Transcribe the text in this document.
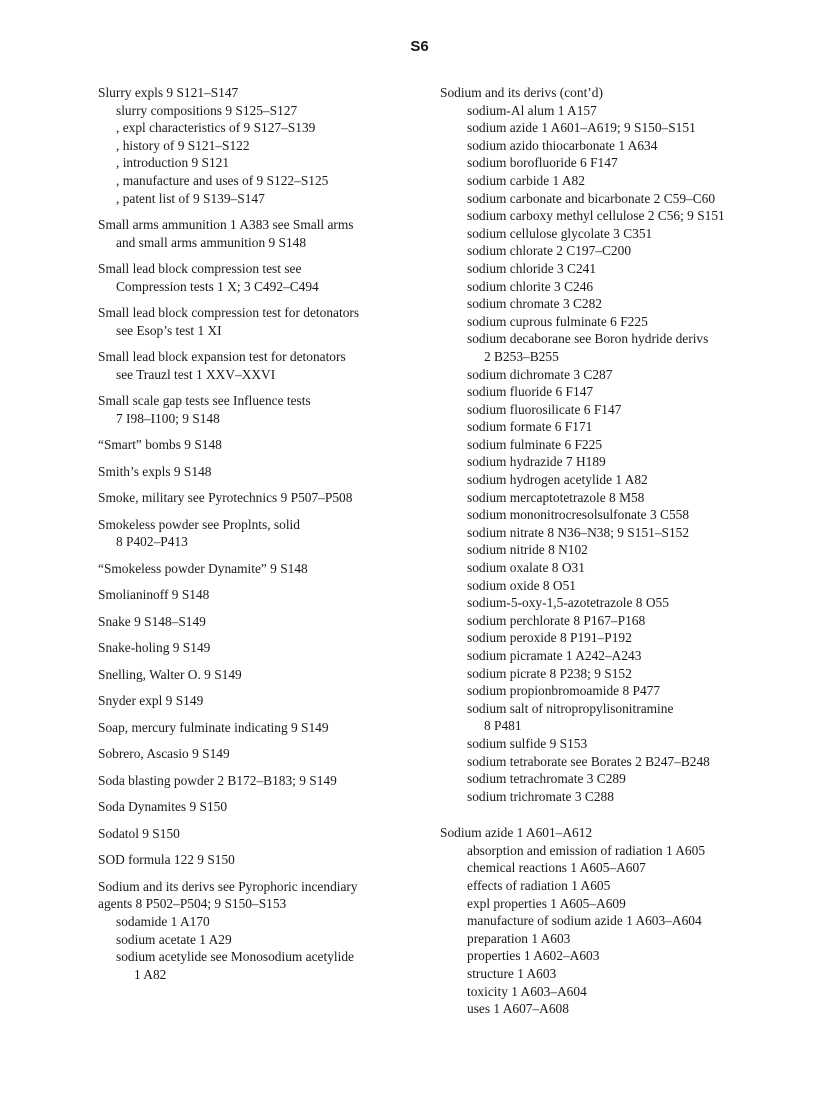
S6
Slurry expls 9 S121–S147
slurry compositions 9 S125–S127
, expl characteristics of 9 S127–S139
, history of 9 S121–S122
, introduction 9 S121
, manufacture and uses of 9 S122–S125
, patent list of 9 S139–S147
Small arms ammunition 1 A383 see Small arms
and small arms ammunition 9 S148
Small lead block compression test see
Compression tests 1 X; 3 C492–C494
Small lead block compression test for detonators
see Esop’s test 1 XI
Small lead block expansion test for detonators
see Trauzl test 1 XXV–XXVI
Small scale gap tests see Influence tests
7 I98–I100; 9 S148
“Smart” bombs 9 S148
Smith’s expls 9 S148
Smoke, military see Pyrotechnics 9 P507–P508
Smokeless powder see Proplnts, solid
8 P402–P413
“Smokeless powder Dynamite” 9 S148
Smolianinoff 9 S148
Snake 9 S148–S149
Snake-holing 9 S149
Snelling, Walter O. 9 S149
Snyder expl 9 S149
Soap, mercury fulminate indicating 9 S149
Sobrero, Ascasio 9 S149
Soda blasting powder 2 B172–B183; 9 S149
Soda Dynamites 9 S150
Sodatol 9 S150
SOD formula 122 9 S150
Sodium and its derivs see Pyrophoric incendiary
agents 8 P502–P504; 9 S150–S153
sodamide 1 A170
sodium acetate 1 A29
sodium acetylide see Monosodium acetylide
1 A82
Sodium and its derivs (cont’d)
sodium-Al alum 1 A157
sodium azide 1 A601–A619; 9 S150–S151
sodium azido thiocarbonate 1 A634
sodium borofluoride 6 F147
sodium carbide 1 A82
sodium carbonate and bicarbonate 2 C59–C60
sodium carboxy methyl cellulose 2 C56; 9 S151
sodium cellulose glycolate 3 C351
sodium chlorate 2 C197–C200
sodium chloride 3 C241
sodium chlorite 3 C246
sodium chromate 3 C282
sodium cuprous fulminate 6 F225
sodium decaborane see Boron hydride derivs
2 B253–B255
sodium dichromate 3 C287
sodium fluoride 6 F147
sodium fluorosilicate 6 F147
sodium formate 6 F171
sodium fulminate 6 F225
sodium hydrazide 7 H189
sodium hydrogen acetylide 1 A82
sodium mercaptotetrazole 8 M58
sodium mononitrocresolsulfonate 3 C558
sodium nitrate 8 N36–N38; 9 S151–S152
sodium nitride 8 N102
sodium oxalate 8 O31
sodium oxide 8 O51
sodium-5-oxy-1,5-azotetrazole 8 O55
sodium perchlorate 8 P167–P168
sodium peroxide 8 P191–P192
sodium picramate 1 A242–A243
sodium picrate 8 P238; 9 S152
sodium propionbromoamide 8 P477
sodium salt of nitropropylisonitramine
8 P481
sodium sulfide 9 S153
sodium tetraborate see Borates 2 B247–B248
sodium tetrachromate 3 C289
sodium trichromate 3 C288
Sodium azide 1 A601–A612
absorption and emission of radiation 1 A605
chemical reactions 1 A605–A607
effects of radiation 1 A605
expl properties 1 A605–A609
manufacture of sodium azide 1 A603–A604
preparation 1 A603
properties 1 A602–A603
structure 1 A603
toxicity 1 A603–A604
uses 1 A607–A608
